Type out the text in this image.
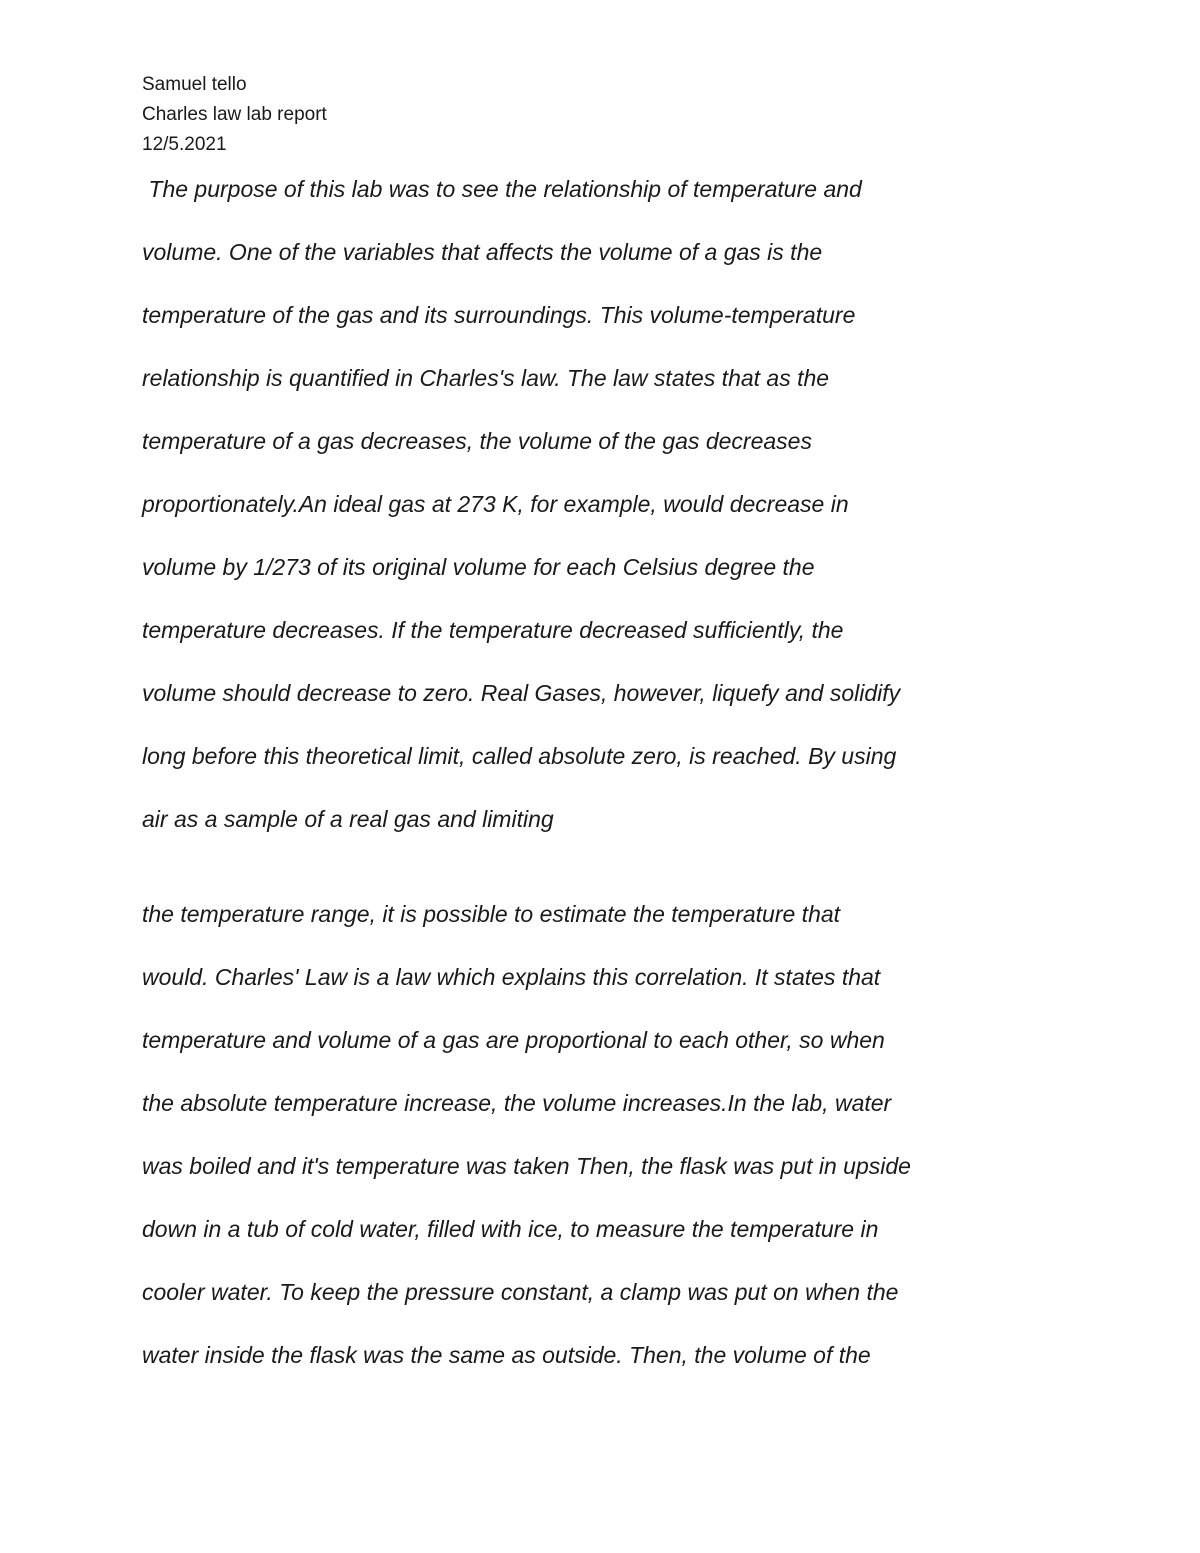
Samuel tello
Charles law lab report
12/5.2021
The purpose of this lab was to see the relationship of temperature and
volume. One of the variables that affects the volume of a gas is the
temperature of the gas and its surroundings. This volume-temperature
relationship is quantified in Charles's law. The law states that as the
temperature of a gas decreases, the volume of the gas decreases
proportionately.An ideal gas at 273 K, for example, would decrease in
volume by 1/273 of its original volume for each Celsius degree the
temperature decreases. If the temperature decreased sufficiently, the
volume should decrease to zero. Real Gases, however, liquefy and solidify
long before this theoretical limit, called absolute zero, is reached. By using
air as a sample of a real gas and limiting
the temperature range, it is possible to estimate the temperature that
would. Charles' Law is a law which explains this correlation. It states that
temperature and volume of a gas are proportional to each other, so when
the absolute temperature increase, the volume increases.In the lab, water
was boiled and it's temperature was taken Then, the flask was put in upside
down in a tub of cold water, filled with ice, to measure the temperature in
cooler water. To keep the pressure constant, a clamp was put on when the
water inside the flask was the same as outside. Then, the volume of the
